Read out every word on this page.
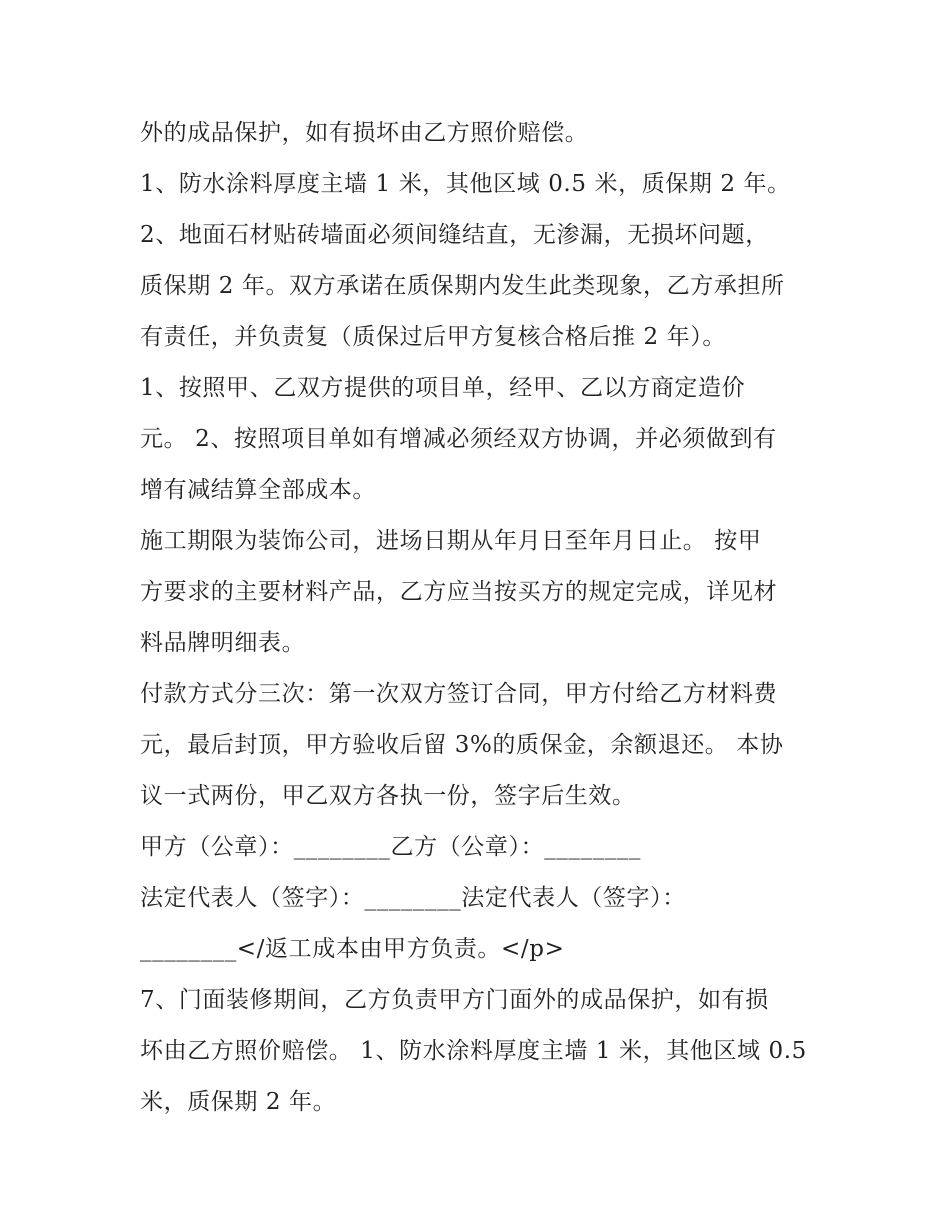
外的成品保护，如有损坏由乙方照价赔偿。
1、防水涂料厚度主墙 1 米，其他区域 0.5 米，质保期 2 年。
2、地面石材贴砖墙面必须间缝结直，无渗漏，无损坏问题，
质保期 2 年。双方承诺在质保期内发生此类现象，乙方承担所
有责任，并负责复（质保过后甲方复核合格后推 2 年）。
1、按照甲、乙双方提供的项目单，经甲、乙以方商定造价
元。 2、按照项目单如有增减必须经双方协调，并必须做到有
增有减结算全部成本。
施工期限为装饰公司，进场日期从年月日至年月日止。 按甲
方要求的主要材料产品，乙方应当按买方的规定完成，详见材
料品牌明细表。
付款方式分三次：第一次双方签订合同，甲方付给乙方材料费
元，最后封顶，甲方验收后留 3%的质保金，余额退还。 本协
议一式两份，甲乙双方各执一份，签字后生效。
甲方（公章）：________乙方（公章）：________
法定代表人（签字）：________法定代表人（签字）：
________</返工成本由甲方负责。</p>
7、门面装修期间，乙方负责甲方门面外的成品保护，如有损
坏由乙方照价赔偿。 1、防水涂料厚度主墙 1 米，其他区域 0.5
米，质保期 2 年。
